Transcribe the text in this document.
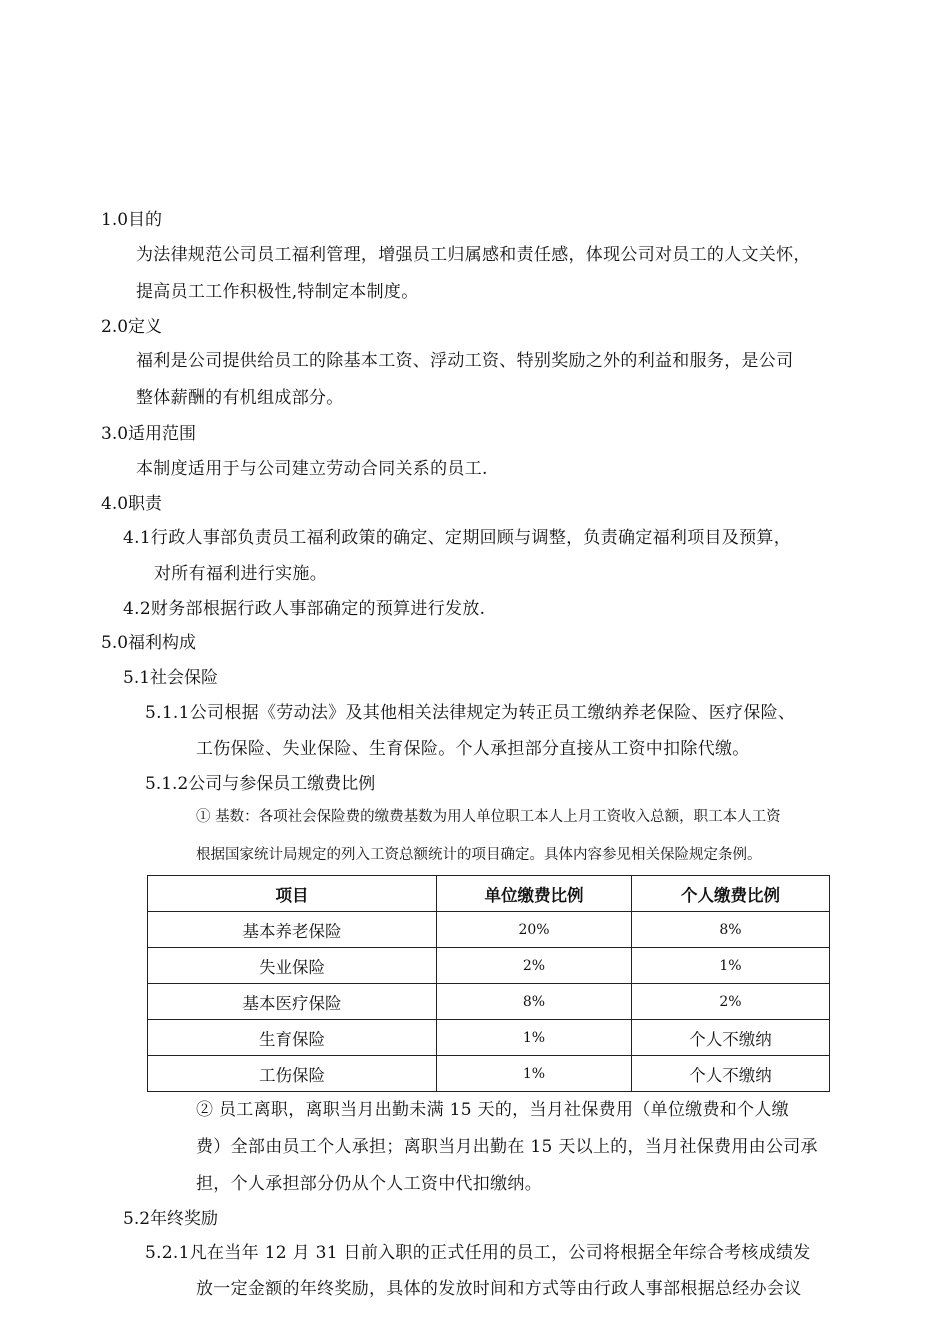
1.0目的
为法律规范公司员工福利管理，增强员工归属感和责任感，体现公司对员工的人文关怀，
提高员工工作积极性,特制定本制度。
2.0定义
福利是公司提供给员工的除基本工资、浮动工资、特别奖励之外的利益和服务，是公司
整体薪酬的有机组成部分。
3.0适用范围
本制度适用于与公司建立劳动合同关系的员工.
4.0职责
4.1行政人事部负责员工福利政策的确定、定期回顾与调整，负责确定福利项目及预算，
对所有福利进行实施。
4.2财务部根据行政人事部确定的预算进行发放.
5.0福利构成
5.1社会保险
5.1.1公司根据《劳动法》及其他相关法律规定为转正员工缴纳养老保险、医疗保险、
工伤保险、失业保险、生育保险。个人承担部分直接从工资中扣除代缴。
5.1.2公司与参保员工缴费比例
① 基数：各项社会保险费的缴费基数为用人单位职工本人上月工资收入总额，职工本人工资
根据国家统计局规定的列入工资总额统计的项目确定。具体内容参见相关保险规定条例。
项目	单位缴费比例	个人缴费比例
基本养老保险	20%	8%
失业保险	2%	1%
基本医疗保险	8%	2%
生育保险	1%	个人不缴纳
工伤保险	1%	个人不缴纳
② 员工离职，离职当月出勤未满 15 天的，当月社保费用（单位缴费和个人缴
费）全部由员工个人承担；离职当月出勤在 15 天以上的，当月社保费用由公司承
担，个人承担部分仍从个人工资中代扣缴纳。
5.2年终奖励
5.2.1凡在当年 12 月 31 日前入职的正式任用的员工，公司将根据全年综合考核成绩发
放一定金额的年终奖励，具体的发放时间和方式等由行政人事部根据总经办会议
